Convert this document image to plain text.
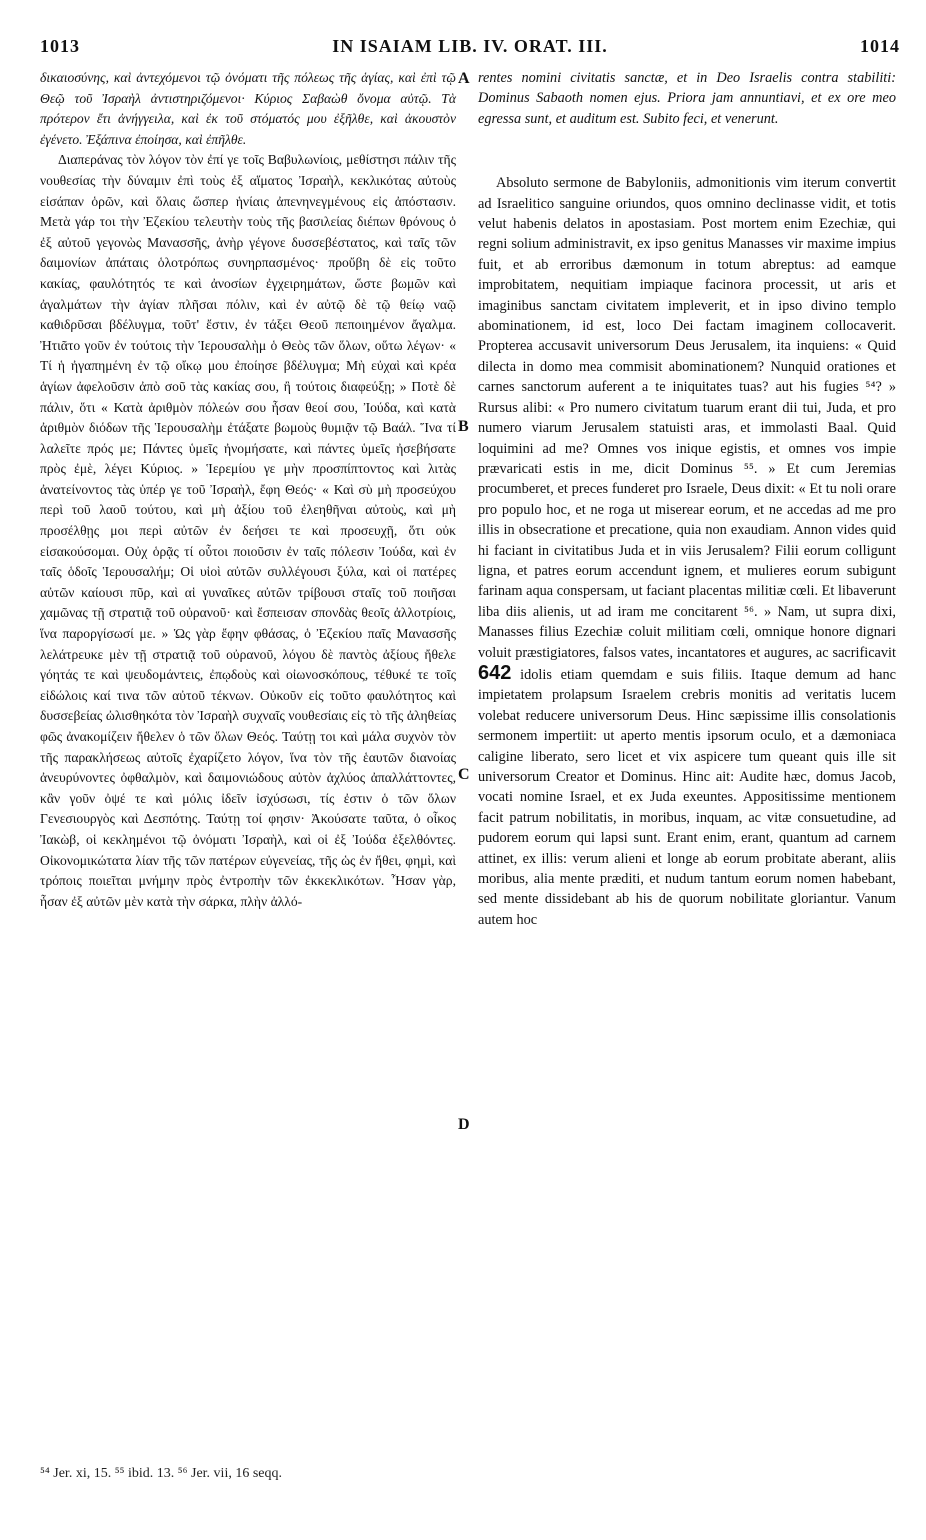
1013	IN ISAIAM LIB. IV. ORAT. III.	1014

δικαιοσύνης, καὶ ἀντεχόμενοι τῷ ὀνόματι τῆς πόλεως τῆς ἁγίας, καὶ ἐπὶ τῷ Θεῷ τοῦ Ἰσραὴλ ἀντιστηριζόμενοι· Κύριος Σαβαὼθ ὄνομα αὐτῷ. Τὰ πρότερον ἔτι ἀνήγγειλα, καὶ ἐκ τοῦ στόματός μου ἐξῆλθε, καὶ ἀκουστὸν ἐγένετο. Ἐξάπινα ἐποίησα, καὶ ἐπῆλθε.

Διαπεράνας τὸν λόγον τὸν ἐπί γε τοῖς Βαβυλωνίοις, μεθίστησι πάλιν τῆς νουθεσίας τὴν δύναμιν ἐπὶ τοὺς ἐξ αἵματος Ἰσραὴλ, κεκλικότας αὐτοὺς εἰσάπαν ὁρῶν, καὶ ὅλαις ὥσπερ ἡνίαις ἀπενηνεγμένους εἰς ἀπόστασιν. Μετὰ γάρ τοι τὴν Ἐζεκίου τελευτὴν τοὺς τῆς βασιλείας διέπων θρόνους ὁ ἐξ αὐτοῦ γεγονὼς Μανασσῆς, ἀνὴρ γέγονε δυσσεβέστατος, καὶ ταῖς τῶν δαιμονίων ἀπάταις ὁλοτρόπως συνηρπασμένος· προὔβη δὲ εἰς τοῦτο κακίας, φαυλότητός τε καὶ ἀνοσίων ἐγχειρημάτων, ὥστε βωμῶν καὶ ἀγαλμάτων τὴν ἁγίαν πλῆσαι πόλιν, καὶ ἐν αὐτῷ δὲ τῷ θείῳ ναῷ καθιδρῦσαι βδέλυγμα, τοῦτ' ἔστιν, ἐν τάξει Θεοῦ πεποιημένον ἄγαλμα. Ἠτιᾶτο γοῦν ἐν τούτοις τὴν Ἱερουσαλὴμ ὁ Θεὸς τῶν ὅλων, οὕτω λέγων· « Τί ἡ ἠγαπημένη ἐν τῷ οἴκῳ μου ἐποίησε βδέλυγμα; Μὴ εὐχαὶ καὶ κρέα ἁγίων ἀφελοῦσιν ἀπὸ σοῦ τὰς κακίας σου, ἢ τούτοις διαφεύξῃ; » Ποτὲ δὲ πάλιν, ὅτι « Κατὰ ἀριθμὸν πόλεών σου ἦσαν θεοί σου, Ἰούδα, καὶ κατὰ ἀριθμὸν διόδων τῆς Ἱερουσαλὴμ ἐτάξατε βωμοὺς θυμιᾷν τῷ Βαάλ. Ἵνα τί λαλεῖτε πρός με; Πάντες ὑμεῖς ἠνομήσατε, καὶ πάντες ὑμεῖς ἠσεβήσατε πρὸς ἐμὲ, λέγει Κύριος. » Ἱερεμίου γε μὴν προσπίπτοντος καὶ λιτὰς ἀνατείνοντος τὰς ὑπέρ γε τοῦ Ἰσραὴλ, ἔφη Θεός· « Καὶ σὺ μὴ προσεύχου περὶ τοῦ λαοῦ τούτου, καὶ μὴ ἀξίου τοῦ ἐλεηθῆναι αὐτοὺς, καὶ μὴ προσέλθῃς μοι περὶ αὐτῶν ἐν δεήσει τε καὶ προσευχῇ, ὅτι οὐκ εἰσακούσομαι. Οὐχ ὁρᾷς τί οὗτοι ποιοῦσιν ἐν ταῖς πόλεσιν Ἰούδα, καὶ ἐν ταῖς ὁδοῖς Ἱερουσαλήμ; Οἱ υἱοὶ αὐτῶν συλλέγουσι ξύλα, καὶ οἱ πατέρες αὐτῶν καίουσι πῦρ, καὶ αἱ γυναῖκες αὐτῶν τρίβουσι σταῖς τοῦ ποιῆσαι χαμῶνας τῇ στρατιᾷ τοῦ οὐρανοῦ· καὶ ἔσπεισαν σπονδὰς θεοῖς ἀλλοτρίοις, ἵνα παροργίσωσί με. » Ὡς γὰρ ἔφην φθάσας, ὁ Ἐζεκίου παῖς Μανασσῆς λελάτρευκε μὲν τῇ στρατιᾷ τοῦ οὐρανοῦ, λόγου δὲ παντὸς ἀξίους ἤθελε γόητάς τε καὶ ψευδομάντεις, ἐπῳδοὺς καὶ οἰωνοσκόπους, τέθυκέ τε τοῖς εἰδώλοις καί τινα τῶν αὐτοῦ τέκνων. Οὐκοῦν εἰς τοῦτο φαυλότητος καὶ δυσσεβείας ὠλισθηκότα τὸν Ἰσραὴλ συχναῖς νουθεσίαις εἰς τὸ τῆς ἀληθείας φῶς ἀνακομίζειν ἤθελεν ὁ τῶν ὅλων Θεός. Ταύτῃ τοι καὶ μάλα συχνὸν τὸν τῆς παρακλήσεως αὐτοῖς ἐχαρίζετο λόγον, ἵνα τὸν τῆς ἑαυτῶν διανοίας ἀνευρύνοντες ὀφθαλμὸν, καὶ δαιμονιώδους αὐτὸν ἀχλύος ἀπαλλάττοντες, κἂν γοῦν ὀψέ τε καὶ μόλις ἰδεῖν ἰσχύσωσι, τίς ἐστιν ὁ τῶν ὅλων Γενεσιουργὸς καὶ Δεσπότης. Ταύτῃ τοί φησιν· Ἀκούσατε ταῦτα, ὁ οἶκος Ἰακὼβ, οἱ κεκλημένοι τῷ ὀνόματι Ἰσραὴλ, καὶ οἱ ἐξ Ἰούδα ἐξελθόντες. Οἰκονομικώτατα λίαν τῆς τῶν πατέρων εὐγενείας, τῆς ὡς ἐν ἤθει, φημὶ, καὶ τρόποις ποιεῖται μνήμην πρὸς ἐντροπὴν τῶν ἐκκεκλικότων. Ἦσαν γὰρ, ἦσαν ἐξ αὐτῶν μὲν κατὰ τὴν σάρκα, πλὴν ἀλλό-

rentes nomini civitatis sanctæ, et in Deo Israelis contra stabiliti: Dominus Sabaoth nomen ejus. Priora jam annuntiavi, et ex ore meo egressa sunt, et auditum est. Subito feci, et venerunt.

Absoluto sermone de Babyloniis, admonitionis vim iterum convertit ad Israelitico sanguine oriundos, quos omnino declinasse vidit, et totis velut habenis delatos in apostasiam. Post mortem enim Ezechiæ, qui regni solium administravit, ex ipso genitus Manasses vir maxime impius fuit, et ab erroribus dæmonum in totum abreptus: ad eamque improbitatem, nequitiam impiaque facinora processit, ut aris et imaginibus sanctam civitatem impleverit, et in ipso divino templo abominationem, id est, loco Dei factam imaginem collocaverit. Propterea accusavit universorum Deus Jerusalem, ita inquiens: « Quid dilecta in domo mea commisit abominationem? Nunquid orationes et carnes sanctorum auferent a te iniquitates tuas? aut his fugies ⁵⁴? » Rursus alibi: « Pro numero civitatum tuarum erant dii tui, Juda, et pro numero viarum Jerusalem statuisti aras, et immolasti Baal. Quid loquimini ad me? Omnes vos inique egistis, et omnes vos impie prævaricati estis in me, dicit Dominus ⁵⁵. » Et cum Jeremias procumberet, et preces funderet pro Israele, Deus dixit: « Et tu noli orare pro populo hoc, et ne roga ut miserear eorum, et ne accedas ad me pro illis in obsecratione et precatione, quia non exaudiam. Annon vides quid hi faciant in civitatibus Juda et in viis Jerusalem? Filii eorum colligunt ligna, et patres eorum accendunt ignem, et mulieres eorum subigunt farinam aqua conspersam, ut faciant placentas militiæ cœli. Et libaverunt liba diis alienis, ut ad iram me concitarent ⁵⁶. » Nam, ut supra dixi, Manasses filius Ezechiæ coluit militiam cœli, omnique honore dignari voluit præstigiatores, falsos vates, incantatores et augures, ac sacrificavit 642 idolis etiam quemdam e suis filiis. Itaque demum ad hanc impietatem prolapsum Israelem crebris monitis ad veritatis lucem volebat reducere universorum Deus. Hinc sæpissime illis consolationis sermonem impertiit: ut aperto mentis ipsorum oculo, et a dæmoniaca caligine liberato, sero licet et vix aspicere tum queant quis ille sit universorum Creator et Dominus. Hinc ait: Audite hæc, domus Jacob, vocati nomine Israel, et ex Juda exeuntes. Appositissime mentionem facit patrum nobilitatis, in moribus, inquam, ac vitæ consuetudine, ad pudorem eorum qui lapsi sunt. Erant enim, erant, quantum ad carnem attinet, ex illis: verum alieni et longe ab eorum probitate aberant, aliis moribus, alia mente præditi, et nudum tantum eorum nomen habebant, sed mente dissidebant ab his de quorum nobilitate gloriantur. Vanum autem hoc

A
B
C
D
⁵⁴ Jer. xi, 15. ⁵⁵ ibid. 13. ⁵⁶ Jer. vii, 16 seqq.
